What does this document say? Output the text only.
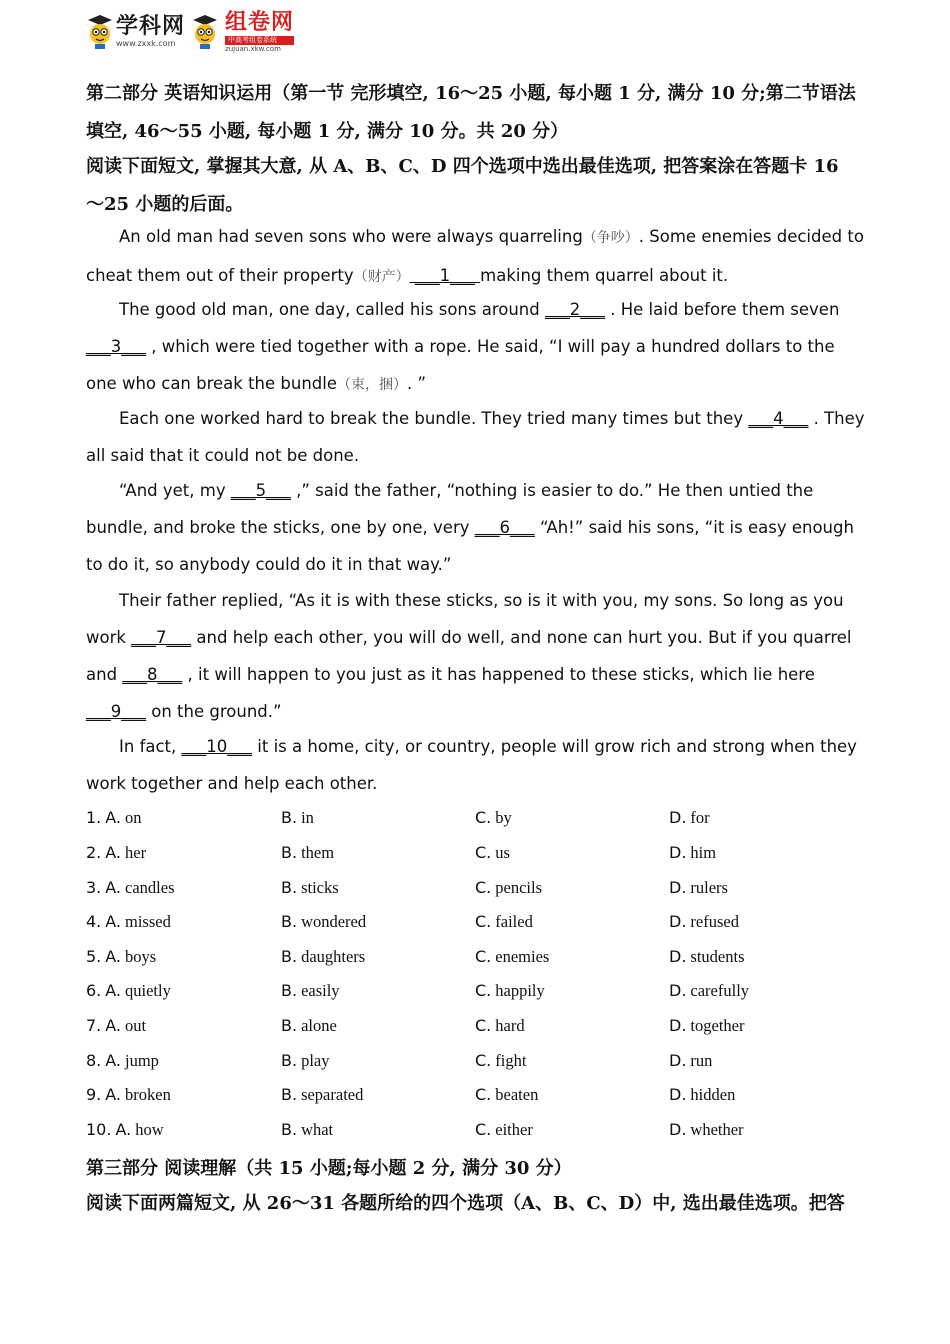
学科网
www.zxxk.com
组卷网
中高考组卷系统
zujuan.xkw.com
第二部分 英语知识运用（第一节 完形填空, 16～25 小题, 每小题 1 分, 满分 10 分;第二节语法
填空, 46～55 小题, 每小题 1 分, 满分 10 分。共 20 分）
阅读下面短文, 掌握其大意, 从 A、B、C、D 四个选项中选出最佳选项, 把答案涂在答题卡 16
～25 小题的后面。
An old man had seven sons who were always quarreling（争吵）. Some enemies decided to cheat them out of their property（财产） ___1___ making them quarrel about it.
The good old man, one day, called his sons around ___2___ . He laid before them seven ___3___ , which were tied together with a rope. He said, “I will pay a hundred dollars to the one who can break the bundle（束，捆）. ”
Each one worked hard to break the bundle. They tried many times but they ___4___ . They all said that it could not be done.
“And yet, my ___5___ ,” said the father, “nothing is easier to do.” He then untied the bundle, and broke the sticks, one by one, very ___6___ “Ah!” said his sons, “it is easy enough to do it, so anybody could do it in that way.”
Their father replied, “As it is with these sticks, so is it with you, my sons. So long as you work ___7___ and help each other, you will do well, and none can hurt you. But if you quarrel and ___8___ , it will happen to you just as it has happened to these sticks, which lie here ___9___ on the ground.”
In fact, ___10___ it is a home, city, or country, people will grow rich and strong when they work together and help each other.
1. A. on	B. in	C. by	D. for
2. A. her	B. them	C. us	D. him
3. A. candles	B. sticks	C. pencils	D. rulers
4. A. missed	B. wondered	C. failed	D. refused
5. A. boys	B. daughters	C. enemies	D. students
6. A. quietly	B. easily	C. happily	D. carefully
7. A. out	B. alone	C. hard	D. together
8. A. jump	B. play	C. fight	D. run
9. A. broken	B. separated	C. beaten	D. hidden
10. A. how	B. what	C. either	D. whether
第三部分 阅读理解（共 15 小题;每小题 2 分, 满分 30 分）
阅读下面两篇短文, 从 26～31 各题所给的四个选项（A、B、C、D）中, 选出最佳选项。把答
